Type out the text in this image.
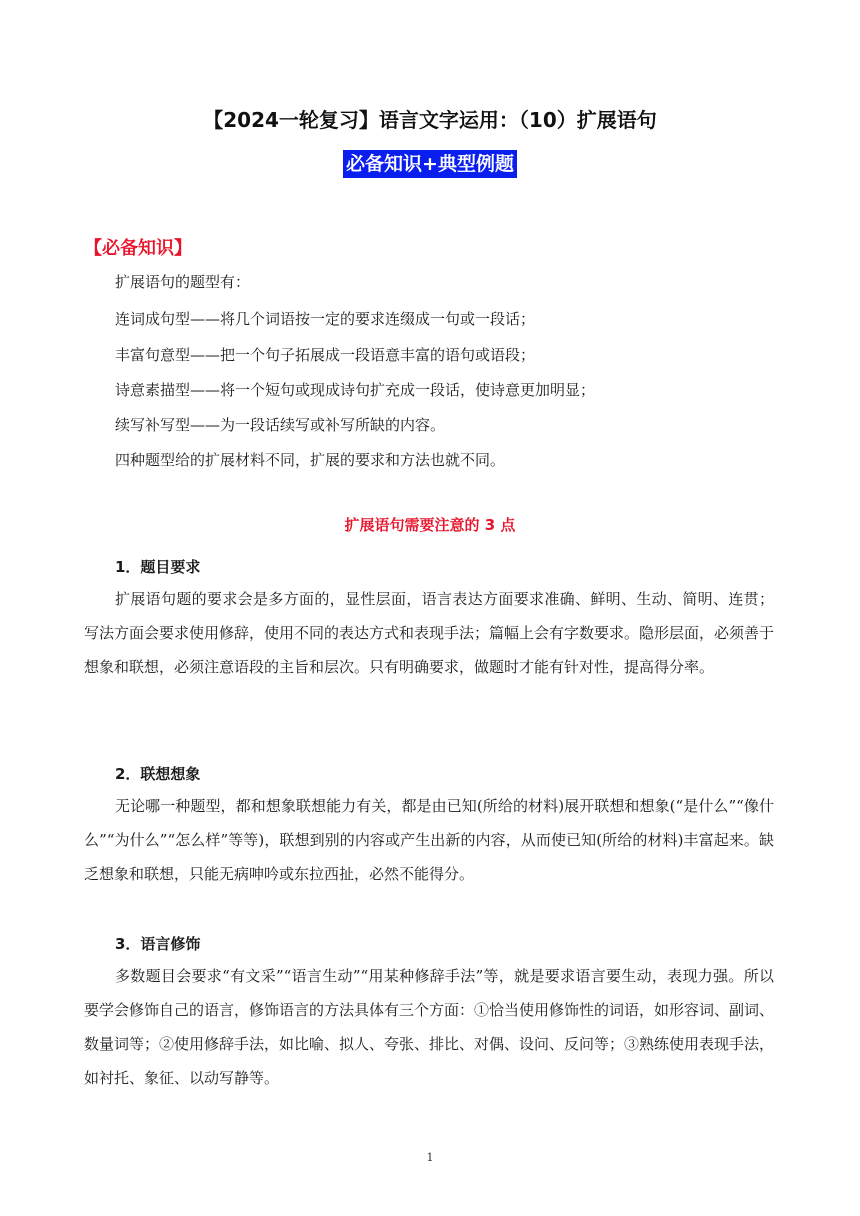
【2024一轮复习】语言文字运用：（10）扩展语句
必备知识+典型例题
【必备知识】
扩展语句的题型有：
连词成句型——将几个词语按一定的要求连缀成一句或一段话；
丰富句意型——把一个句子拓展成一段语意丰富的语句或语段；
诗意素描型——将一个短句或现成诗句扩充成一段话，使诗意更加明显；
续写补写型——为一段话续写或补写所缺的内容。
四种题型给的扩展材料不同，扩展的要求和方法也就不同。
扩展语句需要注意的 3 点
1．题目要求
扩展语句题的要求会是多方面的，显性层面，语言表达方面要求准确、鲜明、生动、简明、连贯；写法方面会要求使用修辞，使用不同的表达方式和表现手法；篇幅上会有字数要求。隐形层面，必须善于想象和联想，必须注意语段的主旨和层次。只有明确要求，做题时才能有针对性，提高得分率。
2．联想想象
无论哪一种题型，都和想象联想能力有关，都是由已知(所给的材料)展开联想和想象(“是什么”“像什么”“为什么”“怎么样”等等)，联想到别的内容或产生出新的内容，从而使已知(所给的材料)丰富起来。缺乏想象和联想，只能无病呻吟或东拉西扯，必然不能得分。
3．语言修饰
多数题目会要求“有文采”“语言生动”“用某种修辞手法”等，就是要求语言要生动，表现力强。所以要学会修饰自己的语言，修饰语言的方法具体有三个方面：①恰当使用修饰性的词语，如形容词、副词、数量词等；②使用修辞手法，如比喻、拟人、夸张、排比、对偶、设问、反问等；③熟练使用表现手法，如衬托、象征、以动写静等。
1
